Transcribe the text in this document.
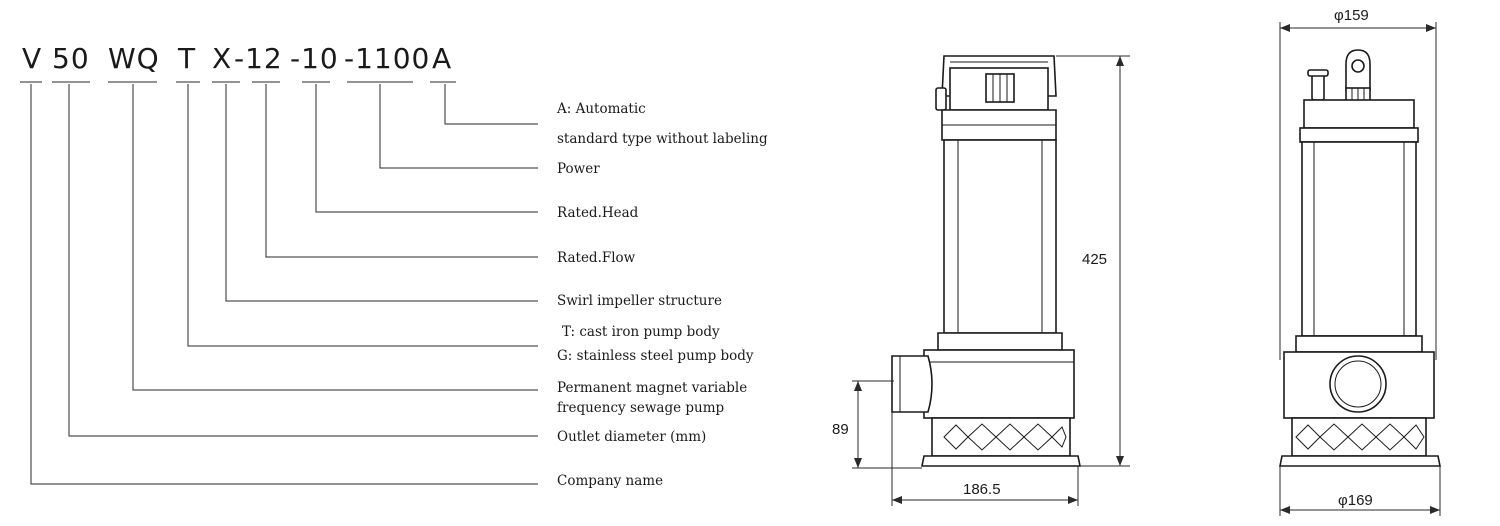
V 50 WQ T X -12 -10 -1100 A
A: Automatic
standard type without labeling
Power
Rated.Head
Rated.Flow
Swirl impeller structure
T: cast iron pump body
G: stainless steel pump body
Permanent magnet variable
frequency sewage pump
Outlet diameter (mm)
Company name
425
89
186.5
φ159
φ169
